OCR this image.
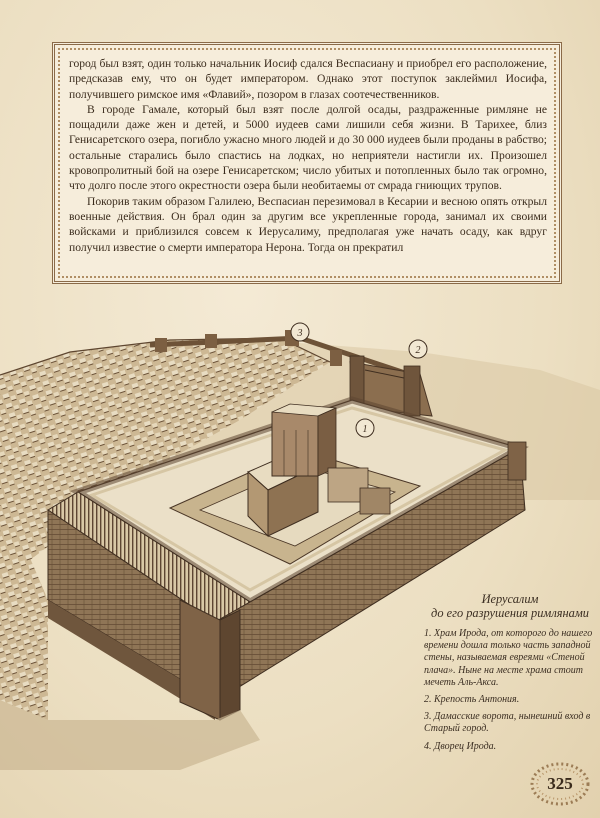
город был взят, один только начальник Иосиф сдался Веспасиану и приобрел его расположение, предсказав ему, что он будет императором. Однако этот поступок заклеймил Иосифа, получившего римское имя «Флавий», позором в глазах соотечественников.

В городе Гамале, который был взят после долгой осады, раздраженные римляне не пощадили даже жен и детей, и 5000 иудеев сами лишили себя жизни. В Тарихее, близ Генисаретского озера, погибло ужасно много людей и до 30 000 иудеев были проданы в рабство; остальные старались было спастись на лодках, но неприятели настигли их. Произошел кровопролитный бой на озере Генисаретском; число убитых и потопленных было так огромно, что долго после этого окрестности озера были необитаемы от смрада гниющих трупов.

Покорив таким образом Галилею, Веспасиан перезимовал в Кесарии и весною опять открыл военные действия. Он брал один за другим все укрепленные города, занимал их своими войсками и приблизился совсем к Иерусалиму, предполагая уже начать осаду, как вдруг получил известие о смерти императора Нерона. Тогда он прекратил

3
2
1
Иерусалим
до его разрушения римлянами
1. Храм Ирода, от которого до нашего времени дошла только часть западной стены, называемая евреями «Стеной плача». Ныне на месте храма стоит мечеть Аль-Акса.
2. Крепость Антония.
3. Дамасские ворота, нынешний вход в Старый город.
4. Дворец Ирода.
325
